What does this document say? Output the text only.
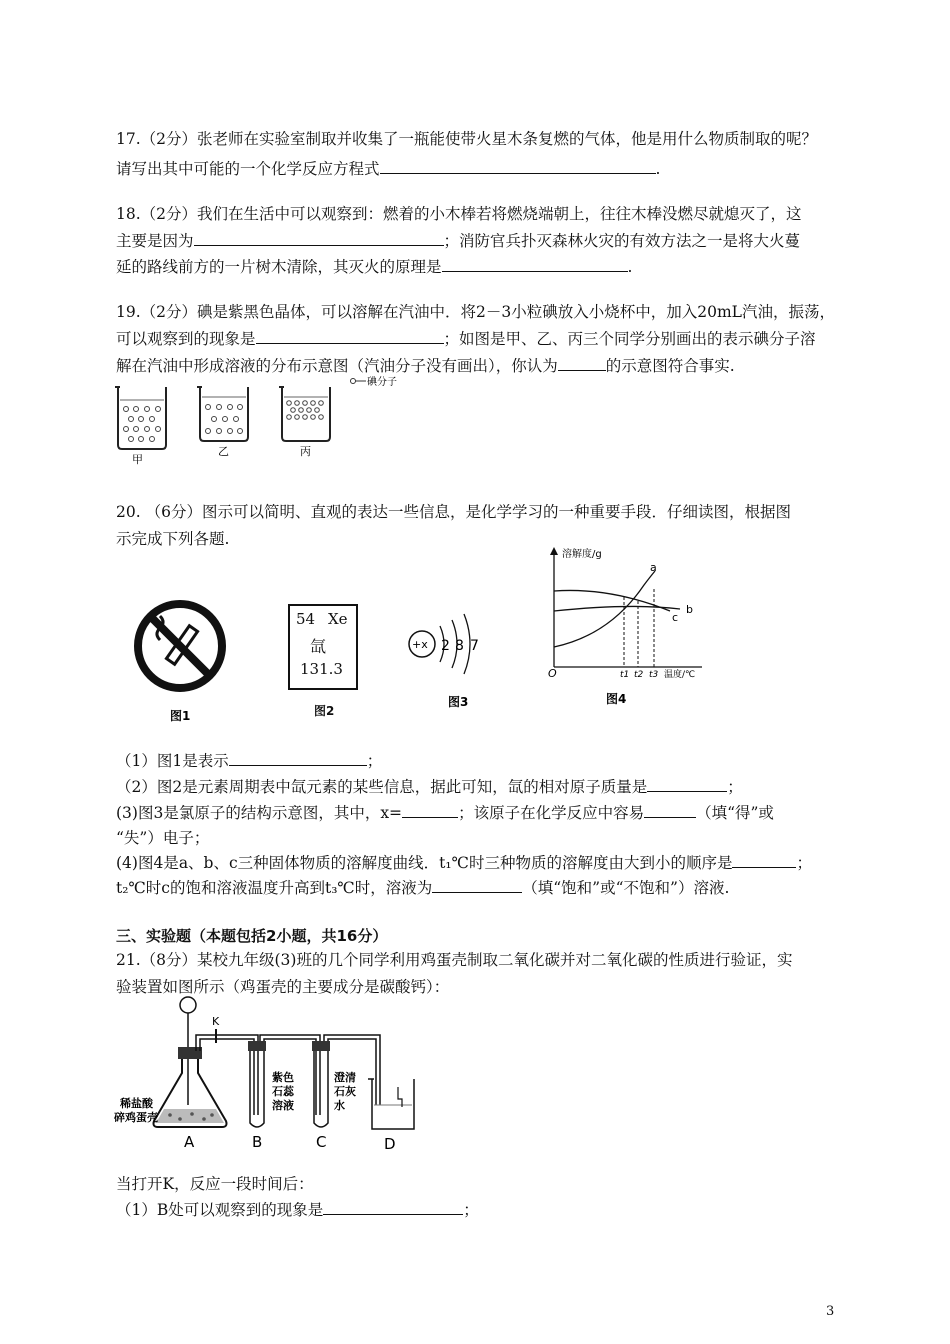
17.（2分）张老师在实验室制取并收集了一瓶能使带火星木条复燃的气体，他是用什么物质制取的呢？
请写出其中可能的一个化学反应方程式	.
18.（2分）我们在生活中可以观察到：燃着的小木棒若将燃烧端朝上，往往木棒没燃尽就熄灭了，这
主要是因为	；消防官兵扑灭森林火灾的有效方法之一是将大火蔓
延的路线前方的一片树木清除，其灭火的原理是	.
19.（2分）碘是紫黑色晶体，可以溶解在汽油中．将2－3小粒碘放入小烧杯中，加入20mL汽油，振荡，
可以观察到的现象是	；如图是甲、乙、丙三个同学分别画出的表示碘分子溶
解在汽油中形成溶液的分布示意图（汽油分子没有画出），你认为	的示意图符合事实.
甲
乙	丙
碘分子
20. （6分）图示可以简明、直观的表达一些信息，是化学学习的一种重要手段．仔细读图，根据图
示完成下列各题.
图1
54 Xe
氙
131.3
图2
+x 2 8 7
图3
溶解度/g
O	温度/℃
a
b
c
t1 t2 t3
图4
（1）图1是表示	；
（2）图2是元素周期表中氙元素的某些信息，据此可知，氙的相对原子质量是	；
(3)图3是氯原子的结构示意图，其中，x=	；该原子在化学反应中容易	（填“得”或
“失”）电子；
(4)图4是a、b、c三种固体物质的溶解度曲线．t₁℃时三种物质的溶解度由大到小的顺序是	；
t₂℃时c的饱和溶液温度升高到t₃℃时，溶液为	（填“饱和”或“不饱和”）溶液.
三、实验题（本题包括2小题，共16分）
21.（8分）某校九年级(3)班的几个同学利用鸡蛋壳制取二氧化碳并对二氧化碳的性质进行验证，实
验装置如图所示（鸡蛋壳的主要成分是碳酸钙）：
稀盐酸
碎鸡蛋壳
A
K
紫色
石蕊
溶液
B
澄清
石灰
水
C	D
当打开K，反应一段时间后：
（1）B处可以观察到的现象是	；
3
